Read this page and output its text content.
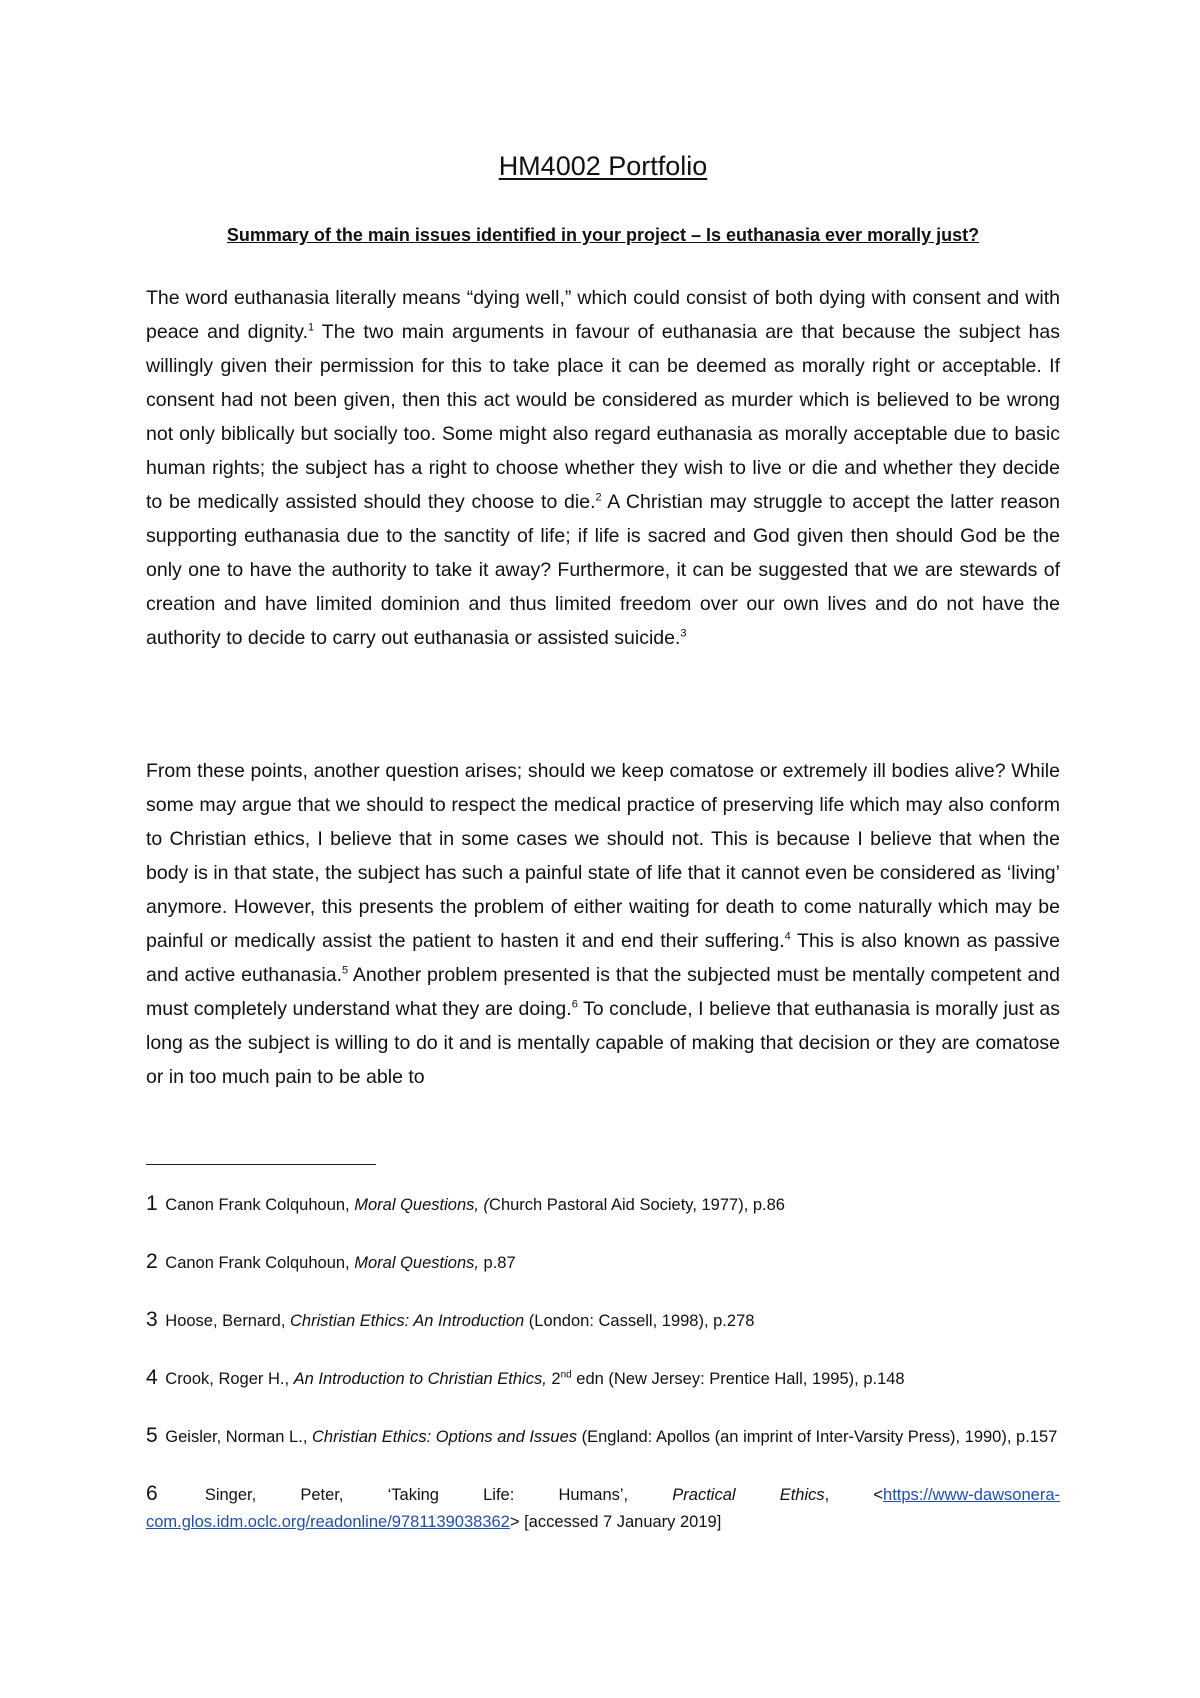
HM4002 Portfolio
Summary of the main issues identified in your project – Is euthanasia ever morally just?

The word euthanasia literally means “dying well,” which could consist of both dying with consent and with peace and dignity.$^1$ The two main arguments in favour of euthanasia are that because the subject has willingly given their permission for this to take place it can be deemed as morally right or acceptable. If consent had not been given, then this act would be considered as murder which is believed to be wrong not only biblically but socially too. Some might also regard euthanasia as morally acceptable due to basic human rights; the subject has a right to choose whether they wish to live or die and whether they decide to be medically assisted should they choose to die.$^2$ A Christian may struggle to accept the latter reason supporting euthanasia due to the sanctity of life; if life is sacred and God given then should God be the only one to have the authority to take it away? Furthermore, it can be suggested that we are stewards of creation and have limited dominion and thus limited freedom over our own lives and do not have the authority to decide to carry out euthanasia or assisted suicide.$^3$

From these points, another question arises; should we keep comatose or extremely ill bodies alive? While some may argue that we should to respect the medical practice of preserving life which may also conform to Christian ethics, I believe that in some cases we should not. This is because I believe that when the body is in that state, the subject has such a painful state of life that it cannot even be considered as ‘living’ anymore. However, this presents the problem of either waiting for death to come naturally which may be painful or medically assist the patient to hasten it and end their suffering.$^4$ This is also known as passive and active euthanasia.$^5$ Another problem presented is that the subjected must be mentally competent and must completely understand what they are doing.$^6$ To conclude, I believe that euthanasia is morally just as long as the subject is willing to do it and is mentally capable of making that decision or they are comatose or in too much pain to be able to

1 Canon Frank Colquhoun, Moral Questions, (Church Pastoral Aid Society, 1977), p.86

2 Canon Frank Colquhoun, Moral Questions, p.87

3 Hoose, Bernard, Christian Ethics: An Introduction (London: Cassell, 1998), p.278

4 Crook, Roger H., An Introduction to Christian Ethics, 2nd edn (New Jersey: Prentice Hall, 1995), p.148

5 Geisler, Norman L., Christian Ethics: Options and Issues (England: Apollos (an imprint of Inter-Varsity Press), 1990), p.157

6 Singer, Peter, ‘Taking Life: Humans’, Practical Ethics, <https://www-dawsonera-com.glos.idm.oclc.org/readonline/9781139038362> [accessed 7 January 2019]
